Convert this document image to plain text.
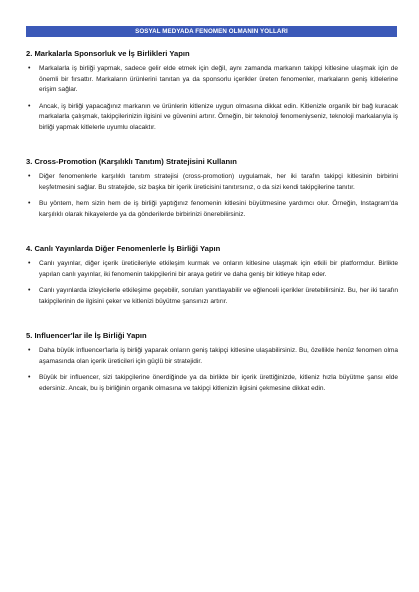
SOSYAL MEDYADA FENOMEN OLMANIN YOLLARI
2. Markalarla Sponsorluk ve İş Birlikleri Yapın
• Markalarla iş birliği yapmak, sadece gelir elde etmek için değil, aynı zamanda markanın takipçi kitlesine ulaşmak için de önemli bir fırsattır. Markaların ürünlerini tanıtan ya da sponsorlu içerikler üreten fenomenler, markaların geniş kitlelerine erişim sağlar.
• Ancak, iş birliği yapacağınız markanın ve ürünlerin kitlenize uygun olmasına dikkat edin. Kitlenizle organik bir bağ kuracak markalarla çalışmak, takipçilerinizin ilgisini ve güvenini artırır. Örneğin, bir teknoloji fenomeniyseniz, teknoloji markalarıyla iş birliği yapmak kitlelerle uyumlu olacaktır.
3. Cross-Promotion (Karşılıklı Tanıtım) Stratejisini Kullanın
• Diğer fenomenlerle karşılıklı tanıtım stratejisi (cross-promotion) uygulamak, her iki tarafın takipçi kitlesinin birbirini keşfetmesini sağlar. Bu stratejide, siz başka bir içerik üreticisini tanıtırsınız, o da sizi kendi takipçilerine tanıtır.
• Bu yöntem, hem sizin hem de iş birliği yaptığınız fenomenin kitlesini büyütmesine yardımcı olur. Örneğin, Instagram'da karşılıklı olarak hikayelerde ya da gönderilerde birbirinizi önerebilirsiniz.
4. Canlı Yayınlarda Diğer Fenomenlerle İş Birliği Yapın
• Canlı yayınlar, diğer içerik üreticileriyle etkileşim kurmak ve onların kitlesine ulaşmak için etkili bir platformdur. Birlikte yapılan canlı yayınlar, iki fenomenin takipçilerini bir araya getirir ve daha geniş bir kitleye hitap eder.
• Canlı yayınlarda izleyicilerle etkileşime geçebilir, soruları yanıtlayabilir ve eğlenceli içerikler üretebilirsiniz. Bu, her iki tarafın takipçilerinin de ilgisini çeker ve kitlenizi büyütme şansınızı artırır.
5. Influencer'lar ile İş Birliği Yapın
• Daha büyük influencer'larla iş birliği yaparak onların geniş takipçi kitlesine ulaşabilirsiniz. Bu, özellikle henüz fenomen olma aşamasında olan içerik üreticileri için güçlü bir stratejidir.
• Büyük bir influencer, sizi takipçilerine önerdiğinde ya da birlikte bir içerik ürettiğinizde, kitleniz hızla büyütme şansı elde edersiniz. Ancak, bu iş birliğinin organik olmasına ve takipçi kitlenizin ilgisini çekmesine dikkat edin.
